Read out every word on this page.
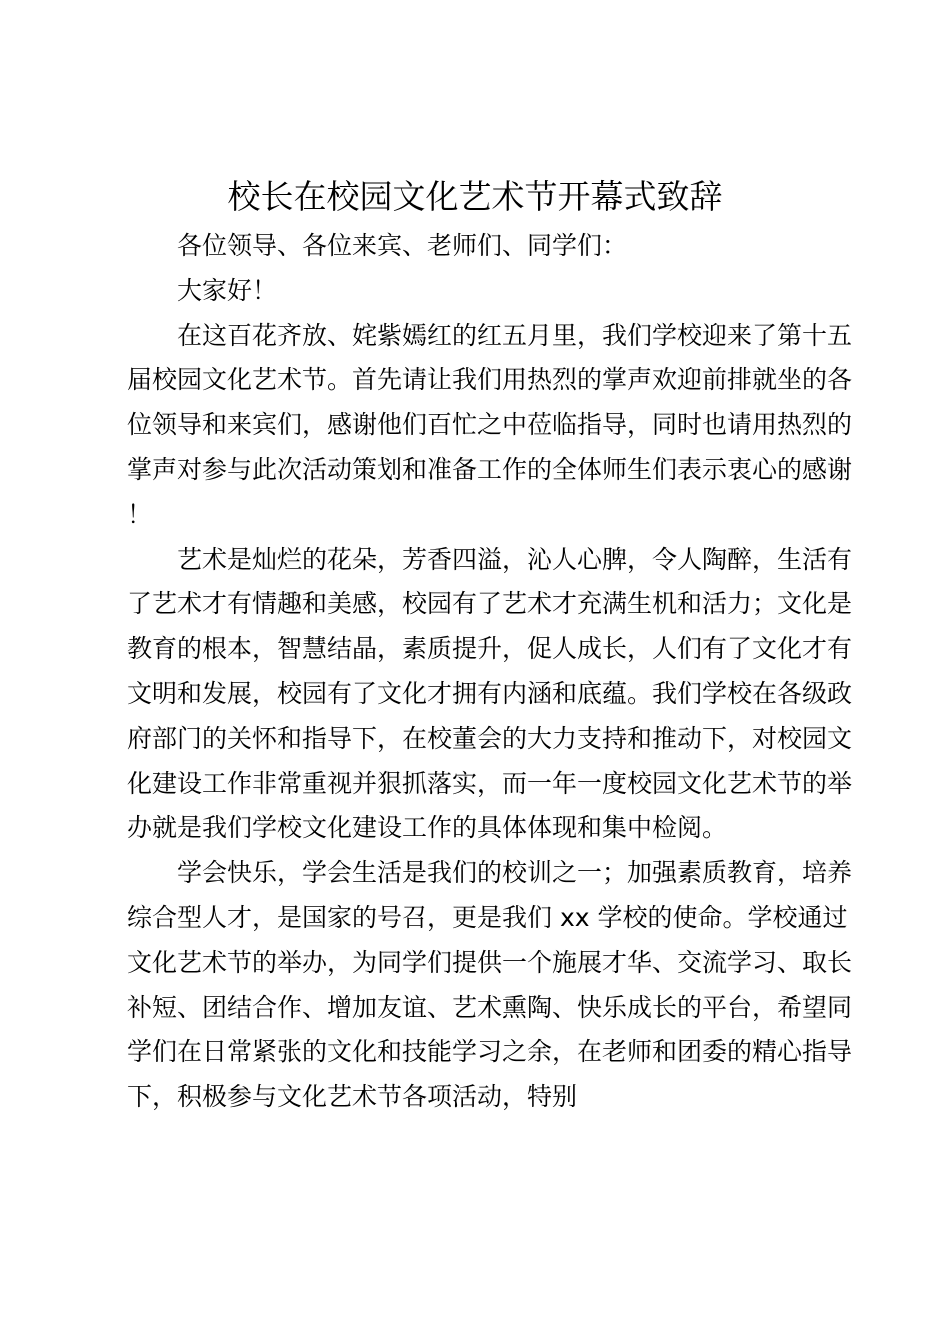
校长在校园文化艺术节开幕式致辞

各位领导、各位来宾、老师们、同学们：

大家好！

在这百花齐放、姹紫嫣红的红五月里，我们学校迎来了第十五届校园文化艺术节。首先请让我们用热烈的掌声欢迎前排就坐的各位领导和来宾们，感谢他们百忙之中莅临指导，同时也请用热烈的掌声对参与此次活动策划和准备工作的全体师生们表示衷心的感谢！

艺术是灿烂的花朵，芳香四溢，沁人心脾，令人陶醉，生活有了艺术才有情趣和美感，校园有了艺术才充满生机和活力；文化是教育的根本，智慧结晶，素质提升，促人成长，人们有了文化才有文明和发展，校园有了文化才拥有内涵和底蕴。我们学校在各级政府部门的关怀和指导下，在校董会的大力支持和推动下，对校园文化建设工作非常重视并狠抓落实，而一年一度校园文化艺术节的举办就是我们学校文化建设工作的具体体现和集中检阅。

学会快乐，学会生活是我们的校训之一；加强素质教育，培养综合型人才，是国家的号召，更是我们 xx 学校的使命。学校通过文化艺术节的举办，为同学们提供一个施展才华、交流学习、取长补短、团结合作、增加友谊、艺术熏陶、快乐成长的平台，希望同学们在日常紧张的文化和技能学习之余，在老师和团委的精心指导下，积极参与文化艺术节各项活动，特别
